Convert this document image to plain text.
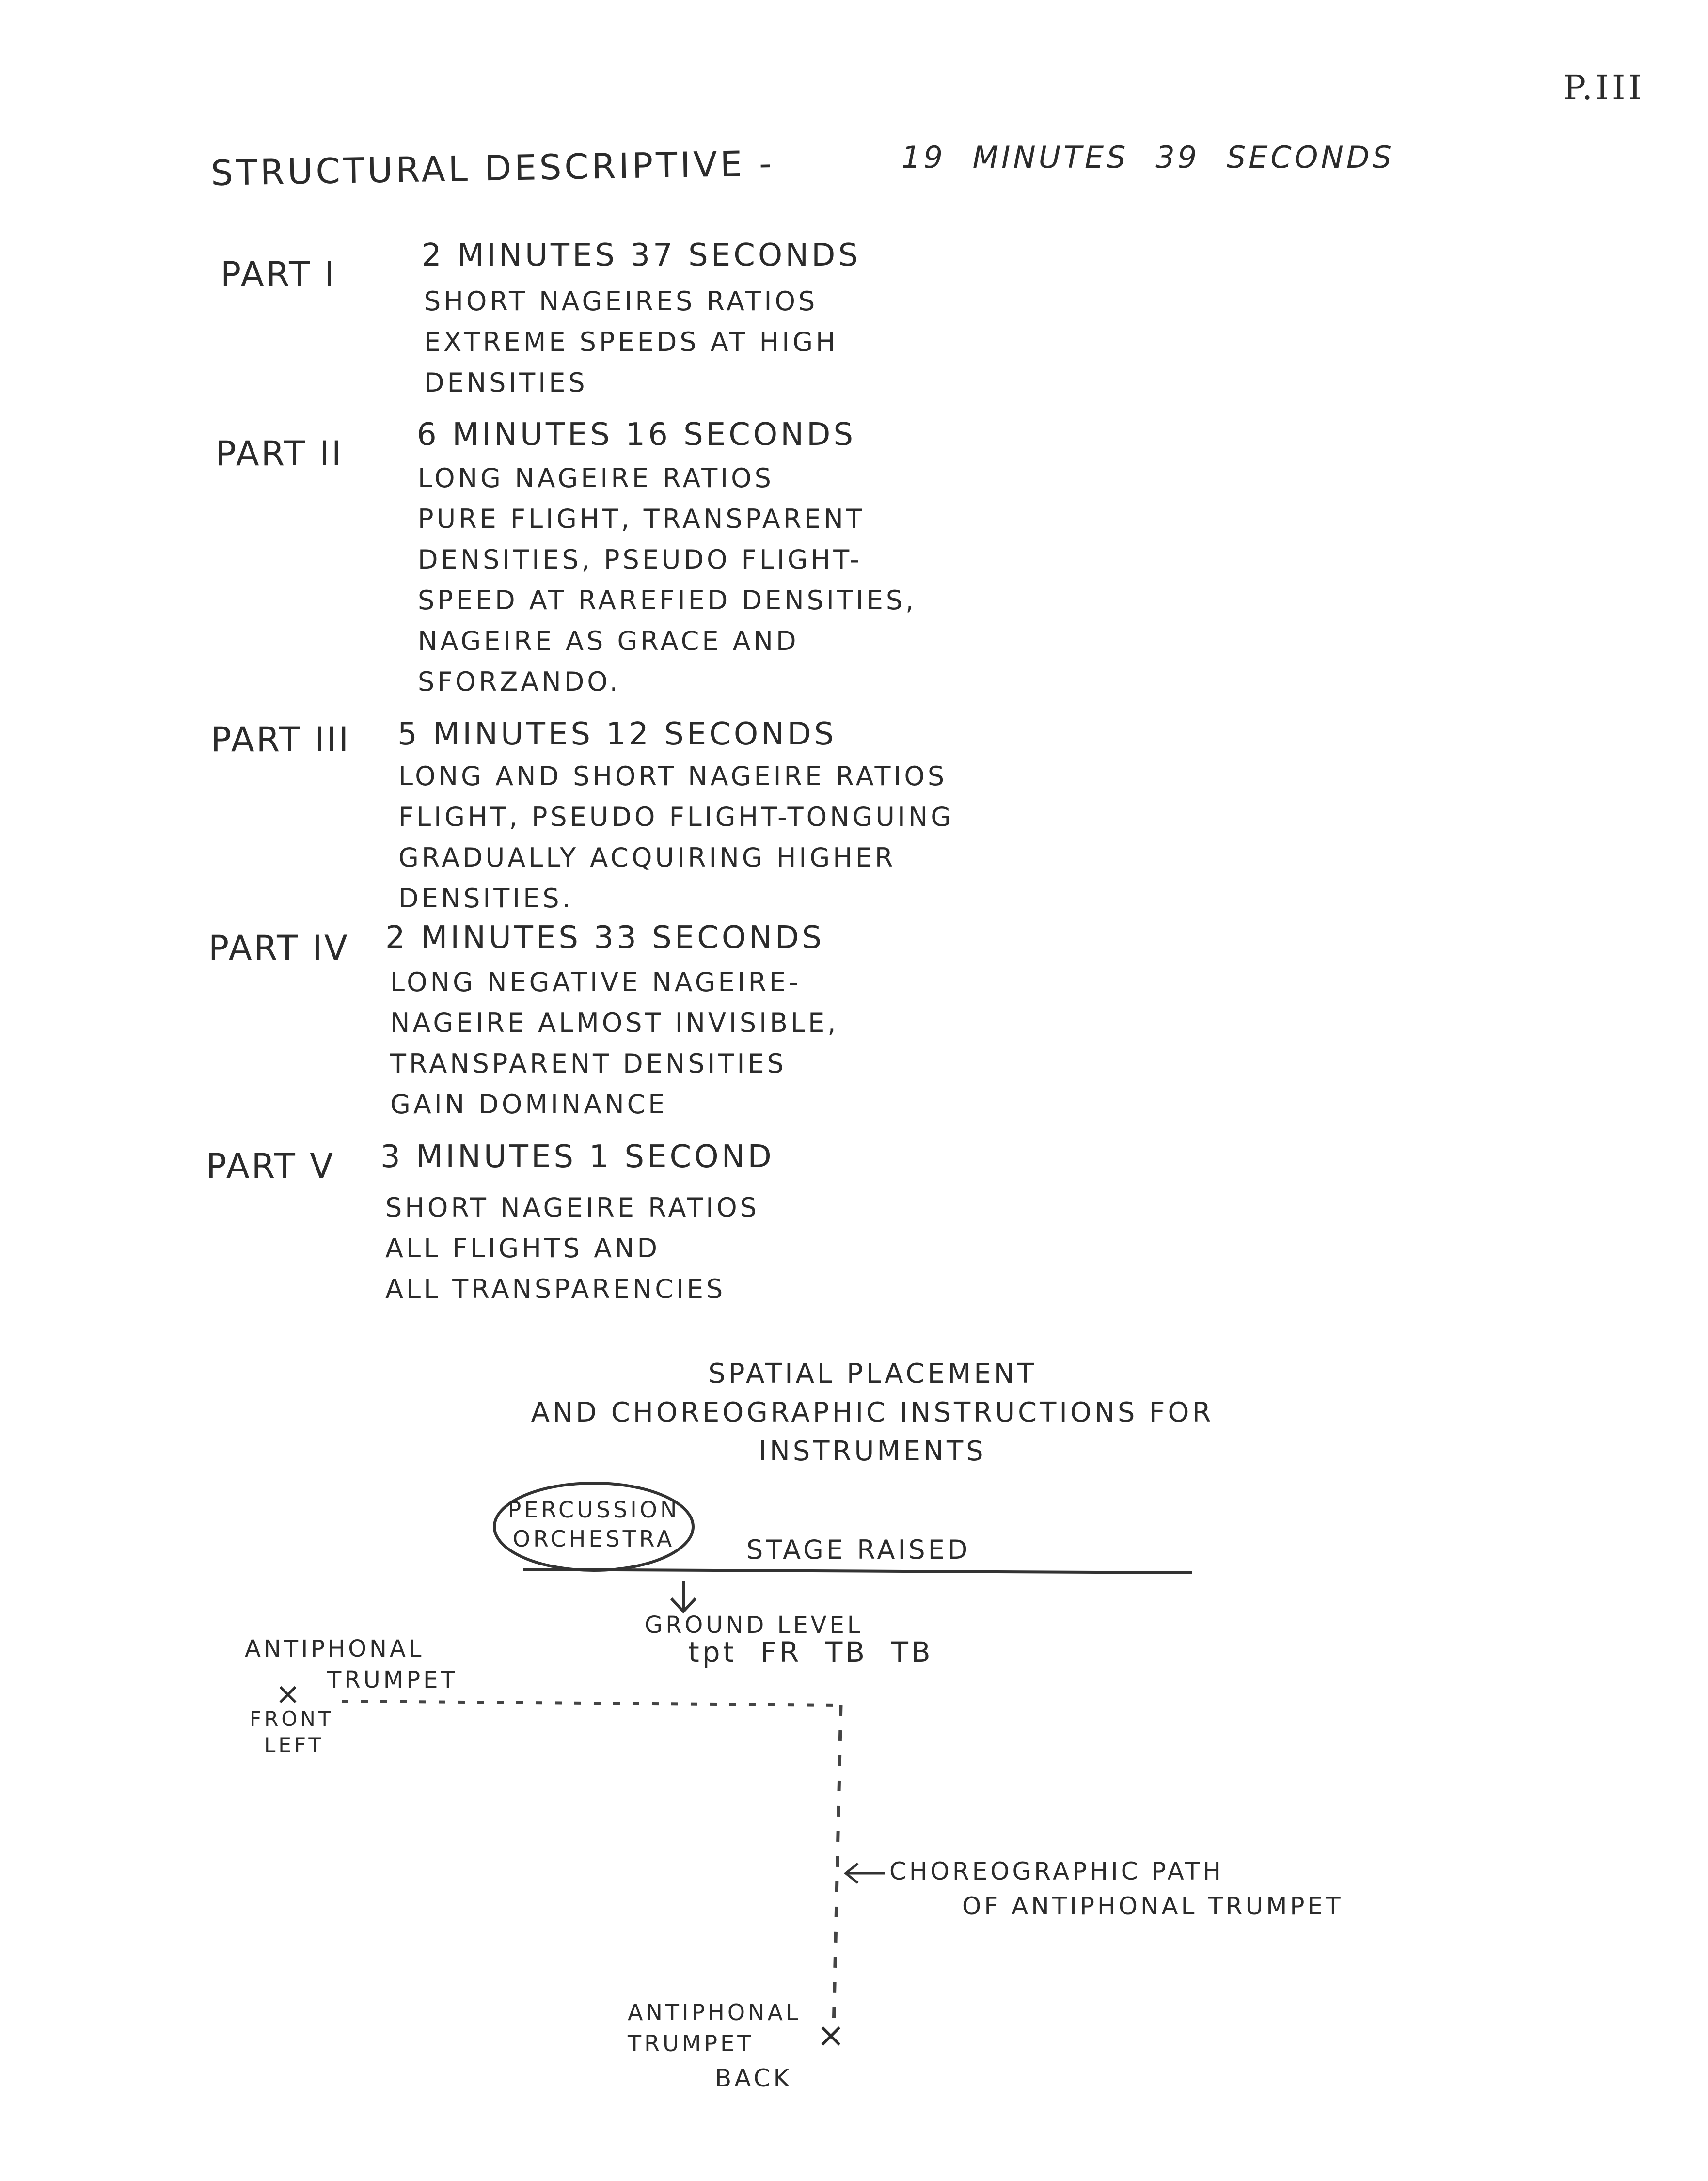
P.III
STRUCTURAL DESCRIPTIVE -	19 MINUTES 39 SECONDS
PART I	2 MINUTES 37 SECONDS
SHORT NAGEIRES RATIOS
EXTREME SPEEDS AT HIGH
DENSITIES
PART II 6 MINUTES 16 SECONDS
LONG NAGEIRE RATIOS
PURE FLIGHT, TRANSPARENT
DENSITIES, PSEUDO FLIGHT-
SPEED AT RAREFIED DENSITIES,
NAGEIRE AS GRACE AND
SFORZANDO.
PART III 5 MINUTES 12 SECONDS
LONG AND SHORT NAGEIRE RATIOS
FLIGHT, PSEUDO FLIGHT-TONGUING
GRADUALLY ACQUIRING HIGHER
DENSITIES.
PART IV 2 MINUTES 33 SECONDS
LONG NEGATIVE NAGEIRE-
NAGEIRE ALMOST INVISIBLE,
TRANSPARENT DENSITIES
GAIN DOMINANCE
PART V 3 MINUTES 1 SECOND
SHORT NAGEIRE RATIOS
ALL FLIGHTS AND
ALL TRANSPARENCIES
SPATIAL PLACEMENT
AND CHOREOGRAPHIC INSTRUCTIONS FOR
INSTRUMENTS
PERCUSSION
ORCHESTRA	STAGE RAISED
GROUND LEVEL
tpt FR TB TB
ANTIPHONAL
TRUMPET
×
FRONT
LEFT
CHOREOGRAPHIC PATH
OF ANTIPHONAL TRUMPET
ANTIPHONAL
TRUMPET	×
BACK
